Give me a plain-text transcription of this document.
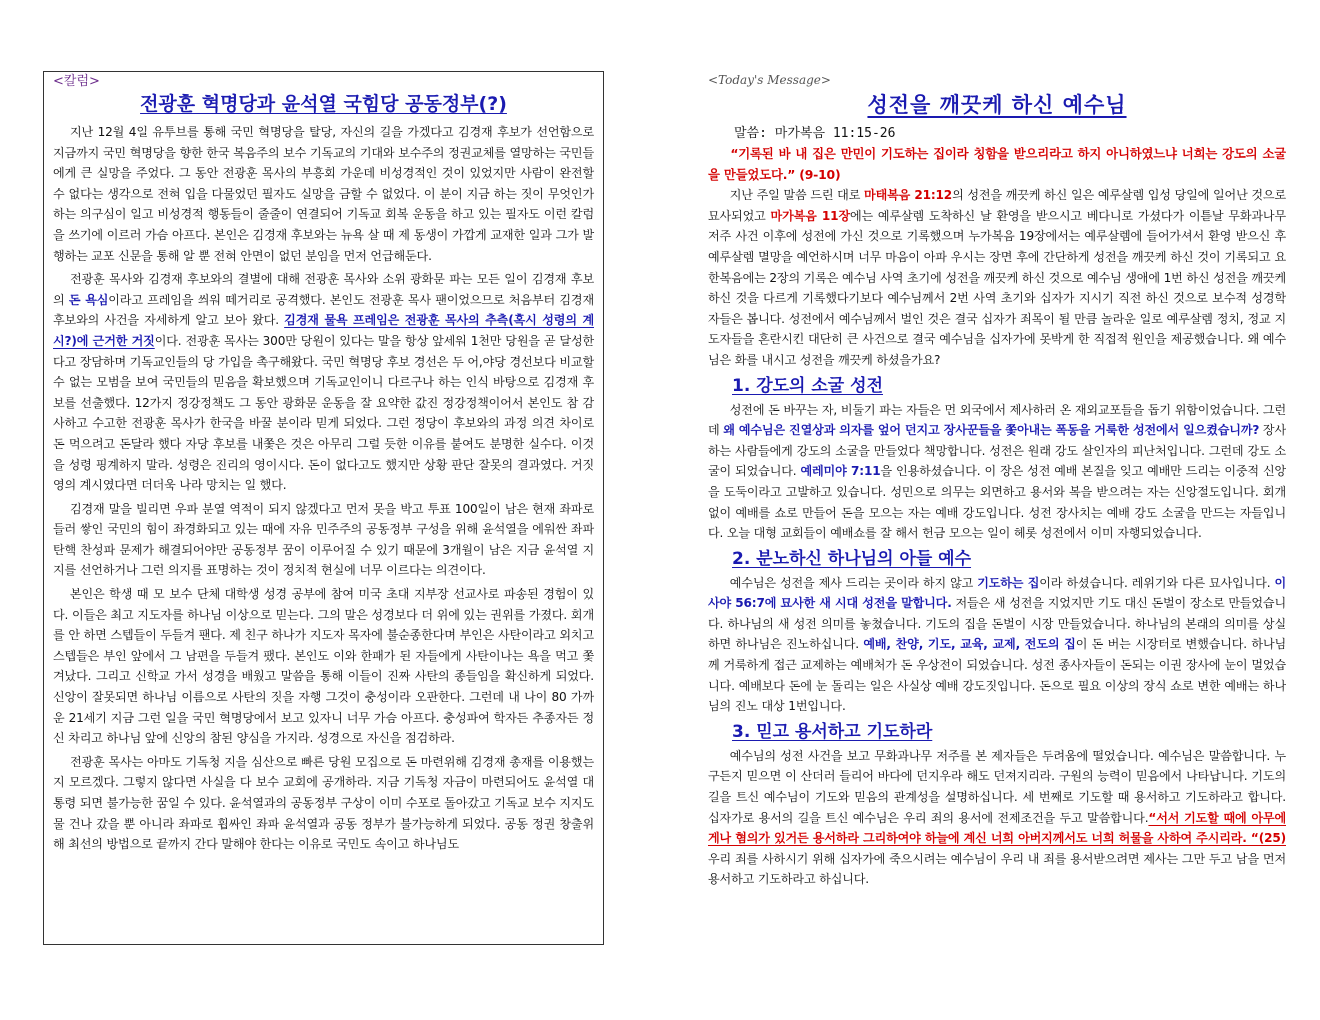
<칼럼>
전광훈 혁명당과 윤석열 국힘당 공동정부(?)

지난 12월 4일 유투브를 통해 국민 혁명당을 탈당, 자신의 길을 가겠다고 김경재 후보가 선언함으로 지금까지 국민 혁명당을 향한 한국 복음주의 보수 기독교의 기대와 보수주의 정권교체를 열망하는 국민들에게 큰 실망을 주었다. 그 동안 전광훈 목사의 부흥회 가운데 비성경적인 것이 있었지만 사람이 완전할 수 없다는 생각으로 전혀 입을 다물었던 필자도 실망을 금할 수 없었다. 이 분이 지금 하는 짓이 무엇인가 하는 의구심이 일고 비성경적 행동들이 줄줄이 연결되어 기독교 회복 운동을 하고 있는 필자도 이런 칼럼을 쓰기에 이르러 가슴 아프다. 본인은 김경재 후보와는 뉴욕 살 때 제 동생이 가깝게 교재한 일과 그가 발행하는 교포 신문을 통해 알 뿐 전혀 안면이 없던 분임을 먼저 언급해둔다.

전광훈 목사와 김경재 후보와의 결별에 대해 전광훈 목사와 소위 광화문 파는 모든 일이 김경재 후보의 돈 욕심이라고 프레임을 씌워 떼거리로 공격했다. 본인도 전광훈 목사 팬이었으므로 처음부터 김경재 후보와의 사건을 자세하게 알고 보아 왔다. 김경재 물욕 프레임은 전광훈 목사의 추측(혹시 성령의 계시?)에 근거한 거짓이다. 전광훈 목사는 300만 당원이 있다는 말을 항상 앞세워 1천만 당원을 곧 달성한다고 장담하며 기독교인들의 당 가입을 촉구해왔다. 국민 혁명당 후보 경선은 두 어,야당 경선보다 비교할 수 없는 모범을 보여 국민들의 믿음을 확보했으며 기독교인이니 다르구나 하는 인식 바탕으로 김경재 후보를 선출했다. 12가지 정강정책도 그 동안 광화문 운동을 잘 요약한 값진 정강정책이어서 본인도 참 감사하고 수고한 전광훈 목사가 한국을 바꿀 분이라 믿게 되었다. 그런 정당이 후보와의 과정 의견 차이로 돈 먹으려고 돈달라 했다 자당 후보를 내쫓은 것은 아무리 그럴 듯한 이유를 붙여도 분명한 실수다. 이것을 성령 핑계하지 말라. 성령은 진리의 영이시다. 돈이 없다고도 했지만 상황 판단 잘못의 결과였다. 거짓 영의 계시였다면 더더욱 나라 망치는 일 했다.

김경재 말을 빌리면 우파 분열 역적이 되지 않겠다고 먼저 못을 박고 투표 100일이 남은 현재 좌파로 들러 쌓인 국민의 힘이 좌경화되고 있는 때에 자유 민주주의 공동정부 구성을 위해 윤석열을 에워싼 좌파 탄핵 찬성파 문제가 해결되어야만 공동정부 꿈이 이루어질 수 있기 때문에 3개월이 남은 지금 윤석열 지지를 선언하거나 그런 의지를 표명하는 것이 정치적 현실에 너무 이르다는 의견이다.

본인은 학생 때 모 보수 단체 대학생 성경 공부에 참여 미국 초대 지부장 선교사로 파송된 경험이 있다. 이들은 최고 지도자를 하나님 이상으로 믿는다. 그의 말은 성경보다 더 위에 있는 권위를 가졌다. 회개를 안 하면 스텝들이 두들겨 팬다. 제 친구 하나가 지도자 목자에 불순종한다며 부인은 사탄이라고 외치고 스텝들은 부인 앞에서 그 남편을 두들겨 팼다. 본인도 이와 한패가 된 자들에게 사탄이나는 욕을 먹고 쫓겨났다. 그리고 신학교 가서 성경을 배웠고 말씀을 통해 이들이 진짜 사탄의 종들임을 확신하게 되었다. 신앙이 잘못되면 하나님 이름으로 사탄의 짓을 자행 그것이 충성이라 오판한다. 그런데 내 나이 80 가까운 21세기 지금 그런 일을 국민 혁명당에서 보고 있자니 너무 가슴 아프다. 충성파여 학자든 추종자든 정신 차리고 하나님 앞에 신앙의 참된 양심을 가지라. 성경으로 자신을 점검하라.

전광훈 목사는 아마도 기독청 지을 심산으로 빠른 당원 모집으로 돈 마련위해 김경재 총재를 이용했는지 모르겠다. 그렇지 않다면 사실을 다 보수 교회에 공개하라. 지금 기독청 자금이 마련되어도 윤석열 대통령 되면 불가능한 꿈일 수 있다. 윤석열과의 공동정부 구상이 이미 수포로 돌아갔고 기독교 보수 지지도 물 건나 갔을 뿐 아니라 좌파로 휩싸인 좌파 윤석열과 공동 정부가 불가능하게 되었다. 공동 정권 창출위해 최선의 방법으로 끝까지 간다 말해야 한다는 이유로 국민도 속이고 하나님도

<Today's Message>
성전을 깨끗케 하신 예수님
말씀: 마가복음 11:15-26

“기록된 바 내 집은 만민이 기도하는 집이라 칭함을 받으리라고 하지 아니하였느냐 너희는 강도의 소굴을 만들었도다.” (9-10)

지난 주일 말씀 드린 대로 마태복음 21:12의 성전을 깨끗케 하신 일은 예루살렘 입성 당일에 일어난 것으로 묘사되었고 마가복음 11장에는 예루살렘 도착하신 날 환영을 받으시고 베다니로 가셨다가 이튿날 무화과나무 저주 사건 이후에 성전에 가신 것으로 기록했으며 누가복음 19장에서는 예루살렘에 들어가셔서 환영 받으신 후 예루살렘 멸망을 예언하시며 너무 마음이 아파 우시는 장면 후에 간단하게 성전을 깨끗케 하신 것이 기록되고 요한복음에는 2장의 기록은 예수님 사역 초기에 성전을 깨끗케 하신 것으로 예수님 생애에 1번 하신 성전을 깨끗케 하신 것을 다르게 기록했다기보다 예수님께서 2번 사역 초기와 십자가 지시기 직전 하신 것으로 보수적 성경학자들은 봅니다. 성전에서 예수님께서 벌인 것은 결국 십자가 죄목이 될 만큼 놀라운 일로 예루살렘 정치, 정교 지도자들을 혼란시킨 대단히 큰 사건으로 결국 예수님을 십자가에 못박게 한 직접적 원인을 제공했습니다. 왜 예수님은 화를 내시고 성전을 깨끗케 하셨을가요?

1. 강도의 소굴 성전

성전에 돈 바꾸는 자, 비둘기 파는 자들은 먼 외국에서 제사하러 온 재외교포들을 돕기 위함이었습니다. 그런데 왜 예수님은 진열상과 의자를 엎어 던지고 장사꾼들을 쫓아내는 폭동을 거룩한 성전에서 일으켰습니까? 장사하는 사람들에게 강도의 소굴을 만들었다 책망합니다. 성전은 원래 강도 살인자의 피난처입니다. 그런데 강도 소굴이 되었습니다. 예레미야 7:11을 인용하셨습니다. 이 장은 성전 예배 본질을 잊고 예배만 드리는 이중적 신앙을 도둑이라고 고발하고 있습니다. 성민으로 의무는 외면하고 용서와 복을 받으려는 자는 신앙절도입니다. 회개 없이 예배를 쇼로 만들어 돈을 모으는 자는 예배 강도입니다. 성전 장사치는 예배 강도 소굴을 만드는 자들입니다. 오늘 대형 교회들이 예배쇼를 잘 해서 헌금 모으는 일이 헤롯 성전에서 이미 자행되었습니다.

2. 분노하신 하나님의 아들 예수

예수님은 성전을 제사 드리는 곳이라 하지 않고 기도하는 집이라 하셨습니다. 레위기와 다른 묘사입니다. 이사야 56:7에 묘사한 새 시대 성전을 말합니다. 저들은 새 성전을 지었지만 기도 대신 돈벌이 장소로 만들었습니다. 하나님의 새 성전 의미를 놓쳤습니다. 기도의 집을 돈벌이 시장 만들었습니다. 하나님의 본래의 의미를 상실하면 하나님은 진노하십니다. 예배, 찬양, 기도, 교육, 교제, 전도의 집이 돈 버는 시장터로 변했습니다. 하나님께 거룩하게 접근 교제하는 예배처가 돈 우상전이 되었습니다. 성전 종사자들이 돈되는 이권 장사에 눈이 멀었습니다. 예배보다 돈에 눈 돌리는 일은 사실상 예배 강도짓입니다. 돈으로 필요 이상의 장식 쇼로 변한 예배는 하나님의 진노 대상 1번입니다.

3. 믿고 용서하고 기도하라

예수님의 성전 사건을 보고 무화과나무 저주를 본 제자들은 두려움에 떨었습니다. 예수님은 말씀합니다. 누구든지 믿으면 이 산더러 들리어 바다에 던지우라 해도 던져지리라. 구원의 능력이 믿음에서 나타납니다. 기도의 길을 트신 예수님이 기도와 믿음의 관계성을 설명하십니다. 세 번째로 기도할 때 용서하고 기도하라고 합니다. 십자가로 용서의 길을 트신 예수님은 우리 죄의 용서에 전제조건을 두고 말씀합니다.“서서 기도할 때에 아무에게나 혐의가 있거든 용서하라 그리하여야 하늘에 계신 너희 아버지께서도 너희 허물을 사하여 주시리라. “(25) 우리 죄를 사하시기 위해 십자가에 죽으시려는 예수님이 우리 내 죄를 용서받으려면 제사는 그만 두고 남을 먼저 용서하고 기도하라고 하십니다.
